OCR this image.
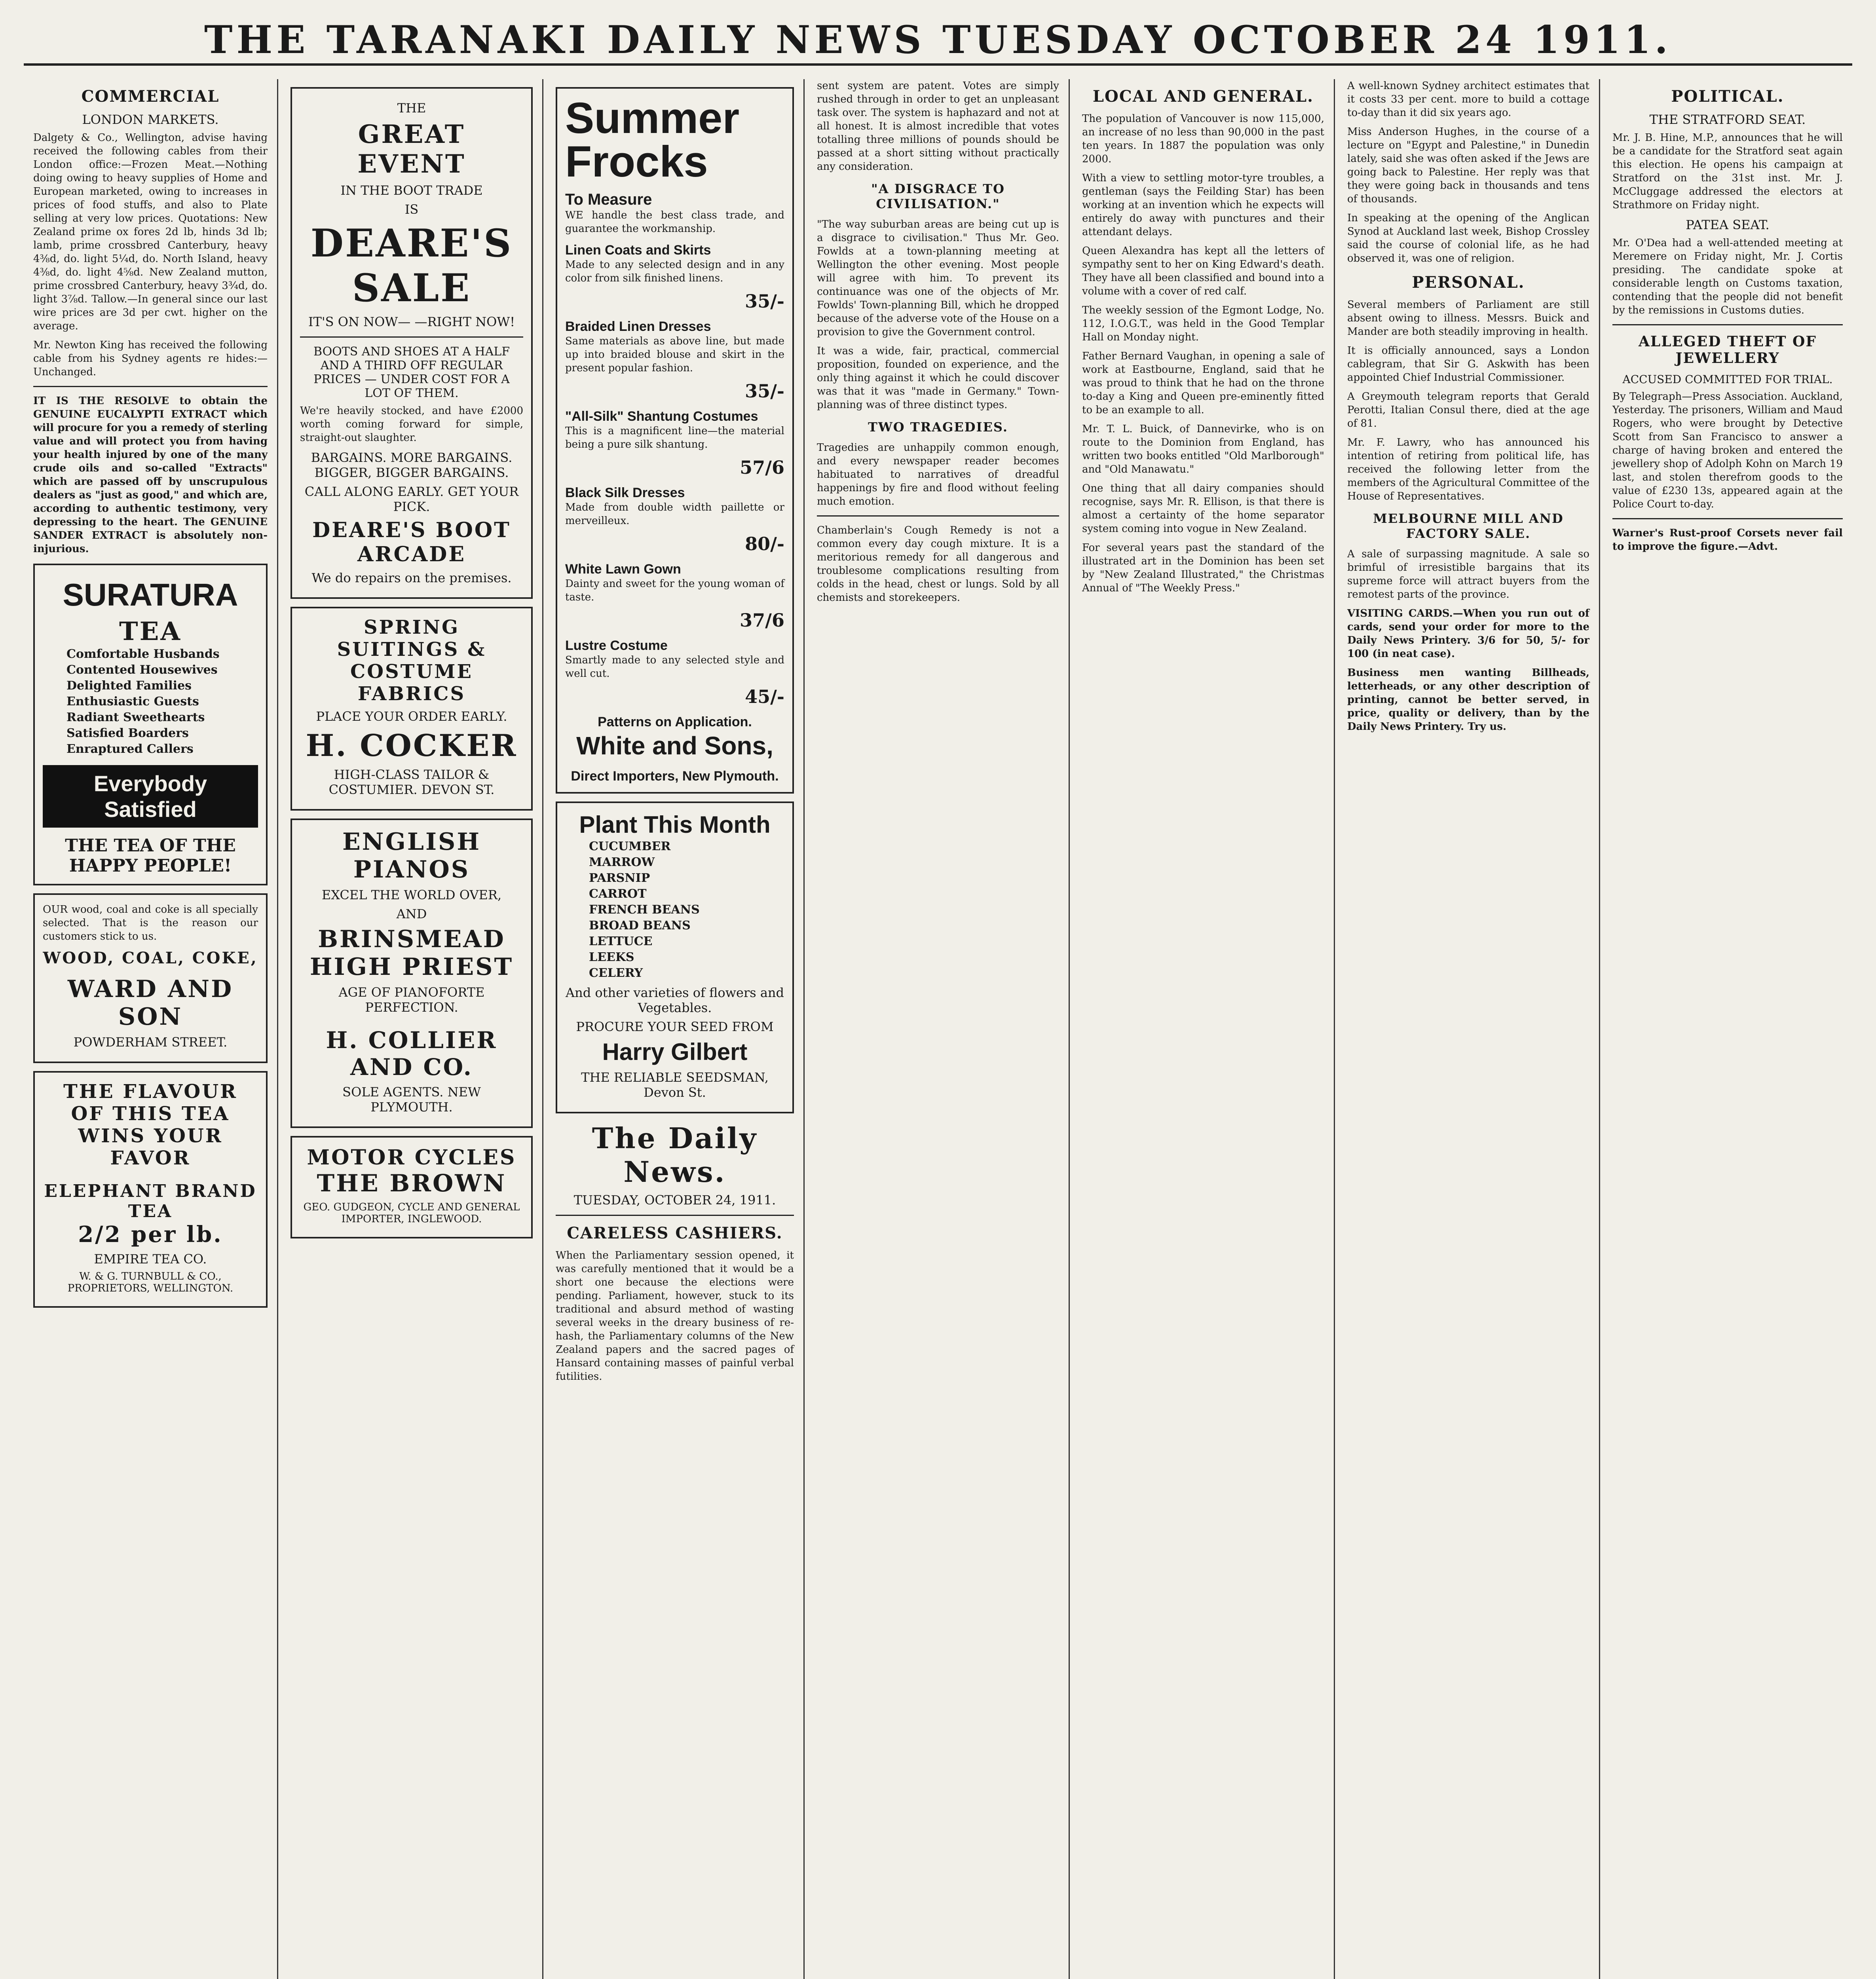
THE TARANAKI DAILY NEWS TUESDAY OCTOBER 24 1911.
COMMERCIAL
LONDON MARKETS.

Dalgety & Co., Wellington, advise having received the following cables from their London office:—Frozen Meat.—Nothing doing owing to heavy supplies of Home and European marketed, owing to increases in prices of food stuffs, and also to Plate selling at very low prices. Quotations: New Zealand prime ox fores 2d lb, hinds 3d lb; lamb, prime crossbred Canterbury, heavy 4⅜d, do. light 5¼d, do. North Island, heavy 4⅜d, do. light 4⅝d. New Zealand mutton, prime crossbred Canterbury, heavy 3¾d, do. light 3⅞d. Tallow.—In general since our last wire prices are 3d per cwt. higher on the average.

Mr. Newton King has received the following cable from his Sydney agents re hides:—Unchanged.

IT IS THE RESOLVE to obtain the GENUINE EUCALYPTI EXTRACT which will procure for you a remedy of sterling value and will protect you from having your health injured by one of the many crude oils and so-called "Extracts" which are passed off by unscrupulous dealers as "just as good," and which are, according to authentic testimony, very depressing to the heart. The GENUINE SANDER EXTRACT is absolutely non-injurious.

SURATURA
TEA
Comfortable Husbands
Contented Housewives
Delighted Families
Enthusiastic Guests
Radiant Sweethearts
Satisfied Boarders
Enraptured Callers
Everybody Satisfied
THE TEA OF THE HAPPY PEOPLE!

OUR wood, coal and coke is all specially selected. That is the reason our customers stick to us.

WOOD, COAL, COKE,
WARD AND SON
POWDERHAM STREET.
THE FLAVOUR OF THIS TEA WINS YOUR FAVOR
ELEPHANT BRAND TEA
2/2 per lb.
EMPIRE TEA CO.
W. & G. TURNBULL & CO., PROPRIETORS, WELLINGTON.
THE
GREAT EVENT
IN THE BOOT TRADE
IS
DEARE'S
SALE
IT'S ON NOW— —RIGHT NOW!
BOOTS AND SHOES AT A HALF AND A THIRD OFF REGULAR PRICES — UNDER COST FOR A LOT OF THEM.

We're heavily stocked, and have £2000 worth coming forward for simple, straight-out slaughter.

BARGAINS. MORE BARGAINS. BIGGER, BIGGER BARGAINS.
CALL ALONG EARLY. GET YOUR PICK.
DEARE'S BOOT ARCADE
We do repairs on the premises.
SPRING SUITINGS & COSTUME FABRICS
PLACE YOUR ORDER EARLY.
H. COCKER
HIGH-CLASS TAILOR & COSTUMIER. DEVON ST.
ENGLISH PIANOS
EXCEL THE WORLD OVER,
AND
BRINSMEAD
HIGH PRIEST
AGE OF PIANOFORTE PERFECTION.
H. COLLIER AND CO.
SOLE AGENTS. NEW PLYMOUTH.
MOTOR CYCLES
THE BROWN
GEO. GUDGEON, CYCLE AND GENERAL IMPORTER, INGLEWOOD.
Summer Frocks
To Measure

WE handle the best class trade, and guarantee the workmanship.

Linen Coats and Skirts

Made to any selected design and in any color from silk finished linens.

35/-
Braided Linen Dresses

Same materials as above line, but made up into braided blouse and skirt in the present popular fashion.

35/-
"All-Silk" Shantung Costumes

This is a magnificent line—the material being a pure silk shantung.

57/6
Black Silk Dresses

Made from double width paillette or merveilleux.

80/-
White Lawn Gown

Dainty and sweet for the young woman of taste.

37/6
Lustre Costume

Smartly made to any selected style and well cut.

45/-
Patterns on Application.
White and Sons,
Direct Importers, New Plymouth.
Plant This Month
CUCUMBER
MARROW
PARSNIP
CARROT
FRENCH BEANS
BROAD BEANS
LETTUCE
LEEKS
CELERY
And other varieties of flowers and Vegetables.
PROCURE YOUR SEED FROM
Harry Gilbert
THE RELIABLE SEEDSMAN, Devon St.
The Daily News.
TUESDAY, OCTOBER 24, 1911.
CARELESS CASHIERS.

When the Parliamentary session opened, it was carefully mentioned that it would be a short one because the elections were pending. Parliament, however, stuck to its traditional and absurd method of wasting several weeks in the dreary business of re-hash, the Parliamentary columns of the New Zealand papers and the sacred pages of Hansard containing masses of painful verbal futilities.

sent system are patent. Votes are simply rushed through in order to get an unpleasant task over. The system is haphazard and not at all honest. It is almost incredible that votes totalling three millions of pounds should be passed at a short sitting without practically any consideration.

"A DISGRACE TO CIVILISATION."

"The way suburban areas are being cut up is a disgrace to civilisation." Thus Mr. Geo. Fowlds at a town-planning meeting at Wellington the other evening. Most people will agree with him. To prevent its continuance was one of the objects of Mr. Fowlds' Town-planning Bill, which he dropped because of the adverse vote of the House on a provision to give the Government control.

It was a wide, fair, practical, commercial proposition, founded on experience, and the only thing against it which he could discover was that it was "made in Germany." Town-planning was of three distinct types.

TWO TRAGEDIES.

Tragedies are unhappily common enough, and every newspaper reader becomes habituated to narratives of dreadful happenings by fire and flood without feeling much emotion.

Chamberlain's Cough Remedy is not a common every day cough mixture. It is a meritorious remedy for all dangerous and troublesome complications resulting from colds in the head, chest or lungs. Sold by all chemists and storekeepers.

LOCAL AND GENERAL.

The population of Vancouver is now 115,000, an increase of no less than 90,000 in the past ten years. In 1887 the population was only 2000.

With a view to settling motor-tyre troubles, a gentleman (says the Feilding Star) has been working at an invention which he expects will entirely do away with punctures and their attendant delays.

Queen Alexandra has kept all the letters of sympathy sent to her on King Edward's death. They have all been classified and bound into a volume with a cover of red calf.

The weekly session of the Egmont Lodge, No. 112, I.O.G.T., was held in the Good Templar Hall on Monday night.

Father Bernard Vaughan, in opening a sale of work at Eastbourne, England, said that he was proud to think that he had on the throne to-day a King and Queen pre-eminently fitted to be an example to all.

Mr. T. L. Buick, of Dannevirke, who is on route to the Dominion from England, has written two books entitled "Old Marlborough" and "Old Manawatu."

One thing that all dairy companies should recognise, says Mr. R. Ellison, is that there is almost a certainty of the home separator system coming into vogue in New Zealand.

For several years past the standard of the illustrated art in the Dominion has been set by "New Zealand Illustrated," the Christmas Annual of "The Weekly Press."

A well-known Sydney architect estimates that it costs 33 per cent. more to build a cottage to-day than it did six years ago.

Miss Anderson Hughes, in the course of a lecture on "Egypt and Palestine," in Dunedin lately, said she was often asked if the Jews are going back to Palestine. Her reply was that they were going back in thousands and tens of thousands.

In speaking at the opening of the Anglican Synod at Auckland last week, Bishop Crossley said the course of colonial life, as he had observed it, was one of religion.

PERSONAL.

Several members of Parliament are still absent owing to illness. Messrs. Buick and Mander are both steadily improving in health.

It is officially announced, says a London cablegram, that Sir G. Askwith has been appointed Chief Industrial Commissioner.

A Greymouth telegram reports that Gerald Perotti, Italian Consul there, died at the age of 81.

Mr. F. Lawry, who has announced his intention of retiring from political life, has received the following letter from the members of the Agricultural Committee of the House of Representatives.

MELBOURNE MILL AND FACTORY SALE.

A sale of surpassing magnitude. A sale so brimful of irresistible bargains that its supreme force will attract buyers from the remotest parts of the province.

VISITING CARDS.—When you run out of cards, send your order for more to the Daily News Printery. 3/6 for 50, 5/- for 100 (in neat case).

Business men wanting Billheads, letterheads, or any other description of printing, cannot be better served, in price, quality or delivery, than by the Daily News Printery. Try us.

POLITICAL.
THE STRATFORD SEAT.

Mr. J. B. Hine, M.P., announces that he will be a candidate for the Stratford seat again this election. He opens his campaign at Stratford on the 31st inst. Mr. J. McCluggage addressed the electors at Strathmore on Friday night.

PATEA SEAT.

Mr. O'Dea had a well-attended meeting at Meremere on Friday night, Mr. J. Cortis presiding. The candidate spoke at considerable length on Customs taxation, contending that the people did not benefit by the remissions in Customs duties.

ALLEGED THEFT OF JEWELLERY
ACCUSED COMMITTED FOR TRIAL.

By Telegraph—Press Association. Auckland, Yesterday. The prisoners, William and Maud Rogers, who were brought by Detective Scott from San Francisco to answer a charge of having broken and entered the jewellery shop of Adolph Kohn on March 19 last, and stolen therefrom goods to the value of £230 13s, appeared again at the Police Court to-day.

Warner's Rust-proof Corsets never fail to improve the figure.—Advt.
